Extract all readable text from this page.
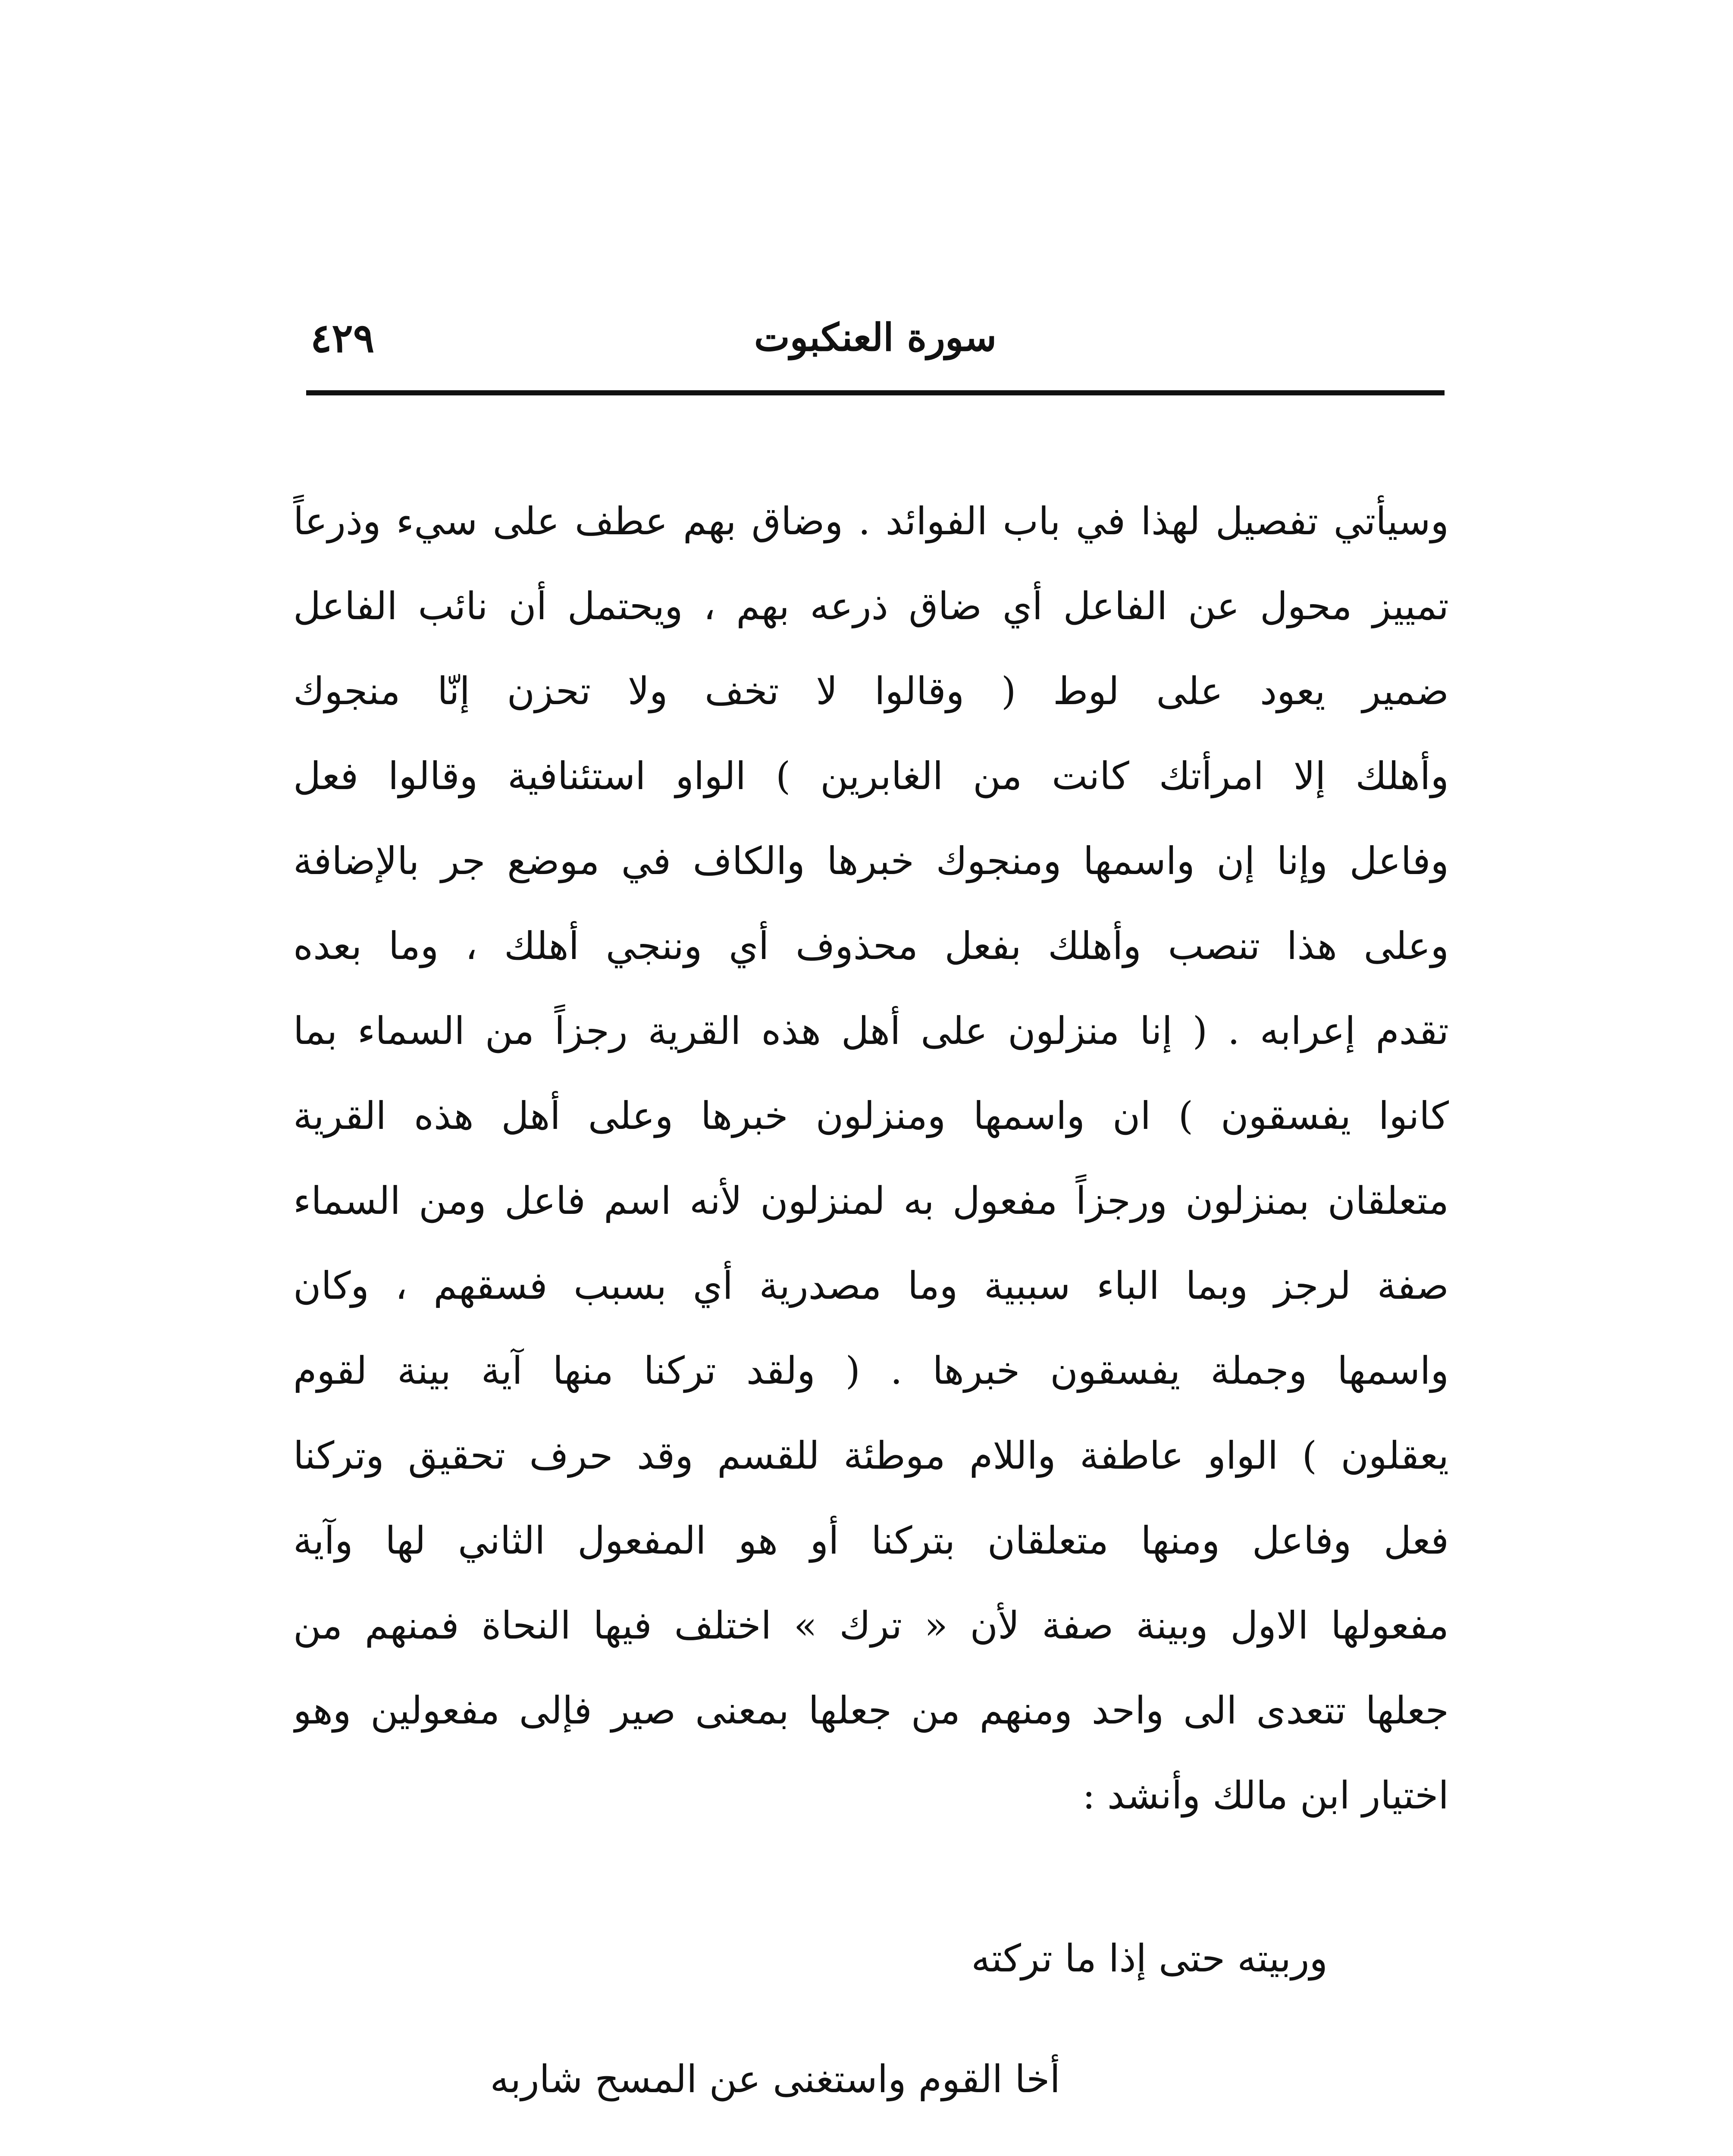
٤٢٩	سورة العنكبوت
وسيأتي تفصيل لهذا في باب الفوائد . وضاق بهم عطف على سيء وذرعاً
تمييز محول عن الفاعل أي ضاق ذرعه بهم ، ويحتمل أن نائب الفاعل
ضمير يعود على لوط ( وقالوا لا تخف ولا تحزن إنّا منجوك
وأهلك إلا امرأتك كانت من الغابرين ) الواو استئنافية وقالوا فعل
وفاعل وإنا إن واسمها ومنجوك خبرها والكاف في موضع جر بالإضافة
وعلى هذا تنصب وأهلك بفعل محذوف أي وننجي أهلك ، وما بعده
تقدم إعرابه . ( إنا منزلون على أهل هذه القرية رجزاً من السماء بما
كانوا يفسقون ) ان واسمها ومنزلون خبرها وعلى أهل هذه القرية
متعلقان بمنزلون ورجزاً مفعول به لمنزلون لأنه اسم فاعل ومن السماء
صفة لرجز وبما الباء سببية وما مصدرية أي بسبب فسقهم ، وكان
واسمها وجملة يفسقون خبرها . ( ولقد تركنا منها آية بينة لقوم
يعقلون ) الواو عاطفة واللام موطئة للقسم وقد حرف تحقيق وتركنا
فعل وفاعل ومنها متعلقان بتركنا أو هو المفعول الثاني لها وآية
مفعولها الاول وبينة صفة لأن « ترك » اختلف فيها النحاة فمنهم من
جعلها تتعدى الى واحد ومنهم من جعلها بمعنى صير فإلى مفعولين وهو
اختيار ابن مالك وأنشد :
وربيته حتى إذا ما تركته
أخا القوم واستغنى عن المسح شاربه
